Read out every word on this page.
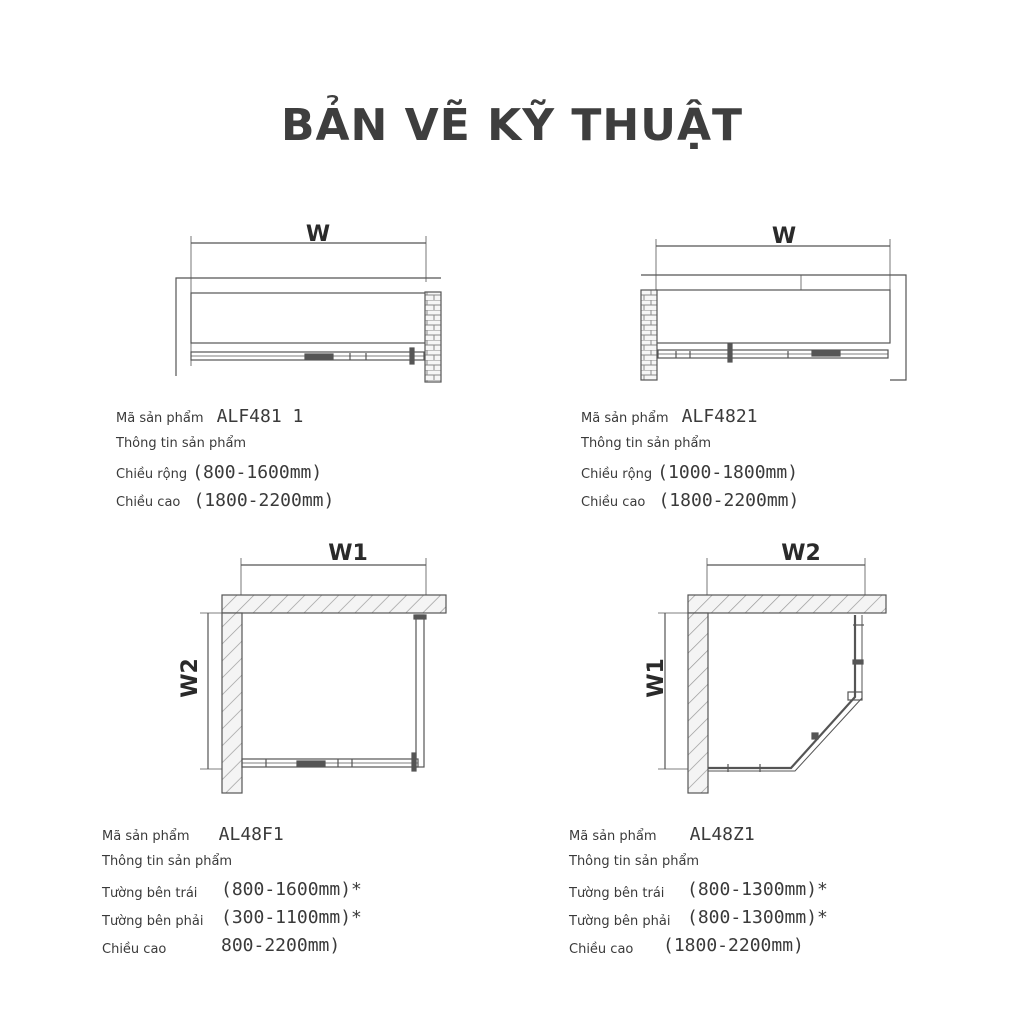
BẢN VẼ KỸ THUẬT
W	W
W1
W2
W2
W1
Mã sản phẩm ALF481 1
Thông tin sản phẩm
Chiều rộng (800-1600mm)
Chiều cao (1800-2200mm)
Mã sản phẩm ALF4821
Thông tin sản phẩm
Chiều rộng (1000-1800mm)
Chiều cao (1800-2200mm)
Mã sản phẩm AL48F1
Thông tin sản phẩm
Tường bên trái (800-1600mm)*
Tường bên phải (300-1100mm)*
Chiều cao	800-2200mm)
Mã sản phẩm AL48Z1
Thông tin sản phẩm
Tường bên trái (800-1300mm)*
Tường bên phải (800-1300mm)*
Chiều cao (1800-2200mm)
